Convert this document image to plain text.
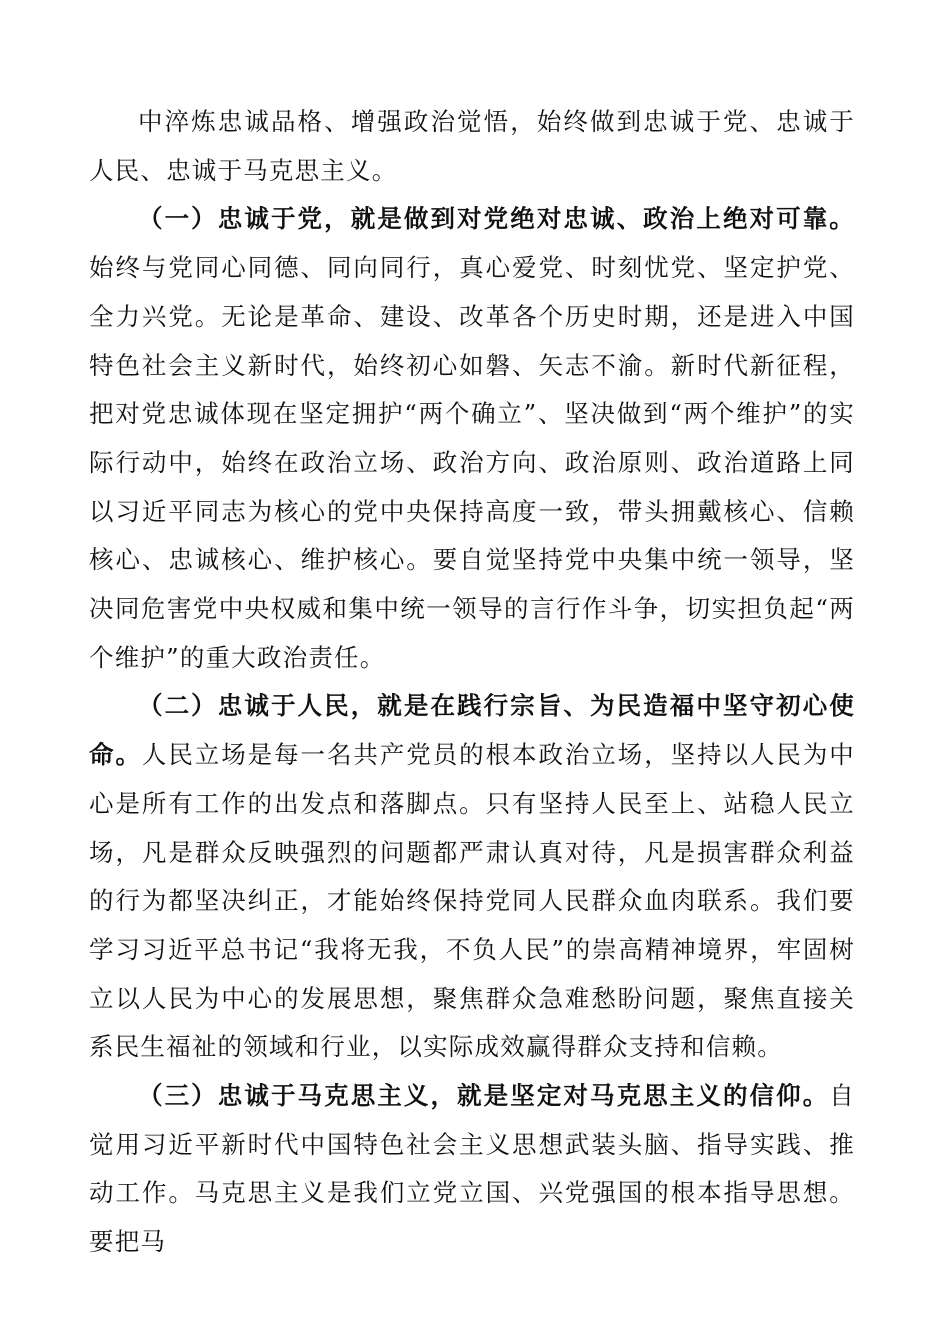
中淬炼忠诚品格、增强政治觉悟，始终做到忠诚于党、忠诚于人民、忠诚于马克思主义。

（一）忠诚于党，就是做到对党绝对忠诚、政治上绝对可靠。始终与党同心同德、同向同行，真心爱党、时刻忧党、坚定护党、全力兴党。无论是革命、建设、改革各个历史时期，还是进入中国特色社会主义新时代，始终初心如磐、矢志不渝。新时代新征程，把对党忠诚体现在坚定拥护“两个确立”、坚决做到“两个维护”的实际行动中，始终在政治立场、政治方向、政治原则、政治道路上同以习近平同志为核心的党中央保持高度一致，带头拥戴核心、信赖核心、忠诚核心、维护核心。要自觉坚持党中央集中统一领导，坚决同危害党中央权威和集中统一领导的言行作斗争，切实担负起“两个维护”的重大政治责任。

（二）忠诚于人民，就是在践行宗旨、为民造福中坚守初心使命。人民立场是每一名共产党员的根本政治立场，坚持以人民为中心是所有工作的出发点和落脚点。只有坚持人民至上、站稳人民立场，凡是群众反映强烈的问题都严肃认真对待，凡是损害群众利益的行为都坚决纠正，才能始终保持党同人民群众血肉联系。我们要学习习近平总书记“我将无我，不负人民”的崇高精神境界，牢固树立以人民为中心的发展思想，聚焦群众急难愁盼问题，聚焦直接关系民生福祉的领域和行业，以实际成效赢得群众支持和信赖。

（三）忠诚于马克思主义，就是坚定对马克思主义的信仰。自觉用习近平新时代中国特色社会主义思想武装头脑、指导实践、推动工作。马克思主义是我们立党立国、兴党强国的根本指导思想。要把马
